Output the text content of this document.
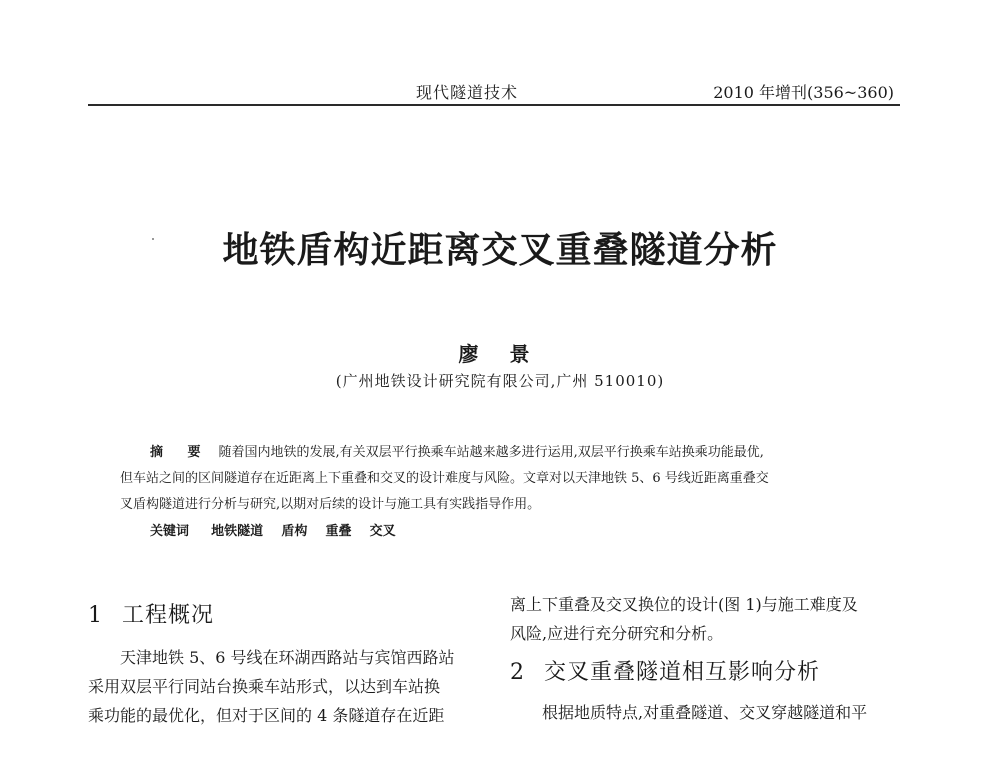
现代隧道技术	2010 年增刊(356~360)
地铁盾构近距离交叉重叠隧道分析
廖 景
(广州地铁设计研究院有限公司,广州 510010)
摘 要 随着国内地铁的发展,有关双层平行换乘车站越来越多进行运用,双层平行换乘车站换乘功能最优,
但车站之间的区间隧道存在近距离上下重叠和交叉的设计难度与风险。文章对以天津地铁 5、6 号线近距离重叠交
叉盾构隧道进行分析与研究,以期对后续的设计与施工具有实践指导作用。
关键词 地铁隧道 盾构 重叠 交叉
1 工程概况
天津地铁 5、6 号线在环湖西路站与宾馆西路站
采用双层平行同站台换乘车站形式，以达到车站换
乘功能的最优化，但对于区间的 4 条隧道存在近距
离上下重叠及交叉换位的设计(图 1)与施工难度及
风险,应进行充分研究和分析。
2 交叉重叠隧道相互影响分析
根据地质特点,对重叠隧道、交叉穿越隧道和平
